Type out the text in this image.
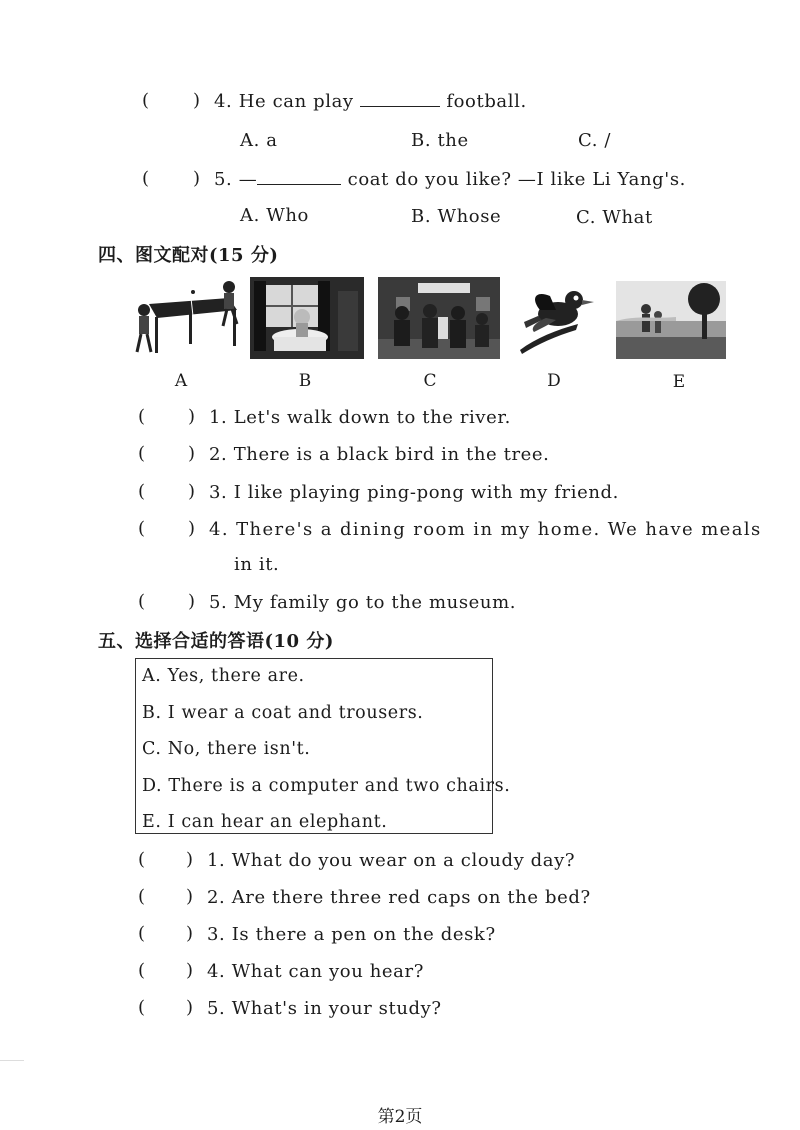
( ) 4. He can play	football.
A. a	B. the	C. /
( ) 5. —	coat do you like? —I like Li Yang's.
A. Who	B. Whose	C. What
四、图文配对(15 分)
A	B	C	D	E
( ) 1. Let's walk down to the river.
( ) 2. There is a black bird in the tree.
( ) 3. I like playing ping-pong with my friend.
( ) 4. There's a dining room in my home. We have meals
in it.
( ) 5. My family go to the museum.
五、选择合适的答语(10 分)
A. Yes, there are.
B. I wear a coat and trousers.
C. No, there isn't.
D. There is a computer and two chairs.
E. I can hear an elephant.
( ) 1. What do you wear on a cloudy day?
( ) 2. Are there three red caps on the bed?
( ) 3. Is there a pen on the desk?
( ) 4. What can you hear?
( ) 5. What's in your study?
第2页
